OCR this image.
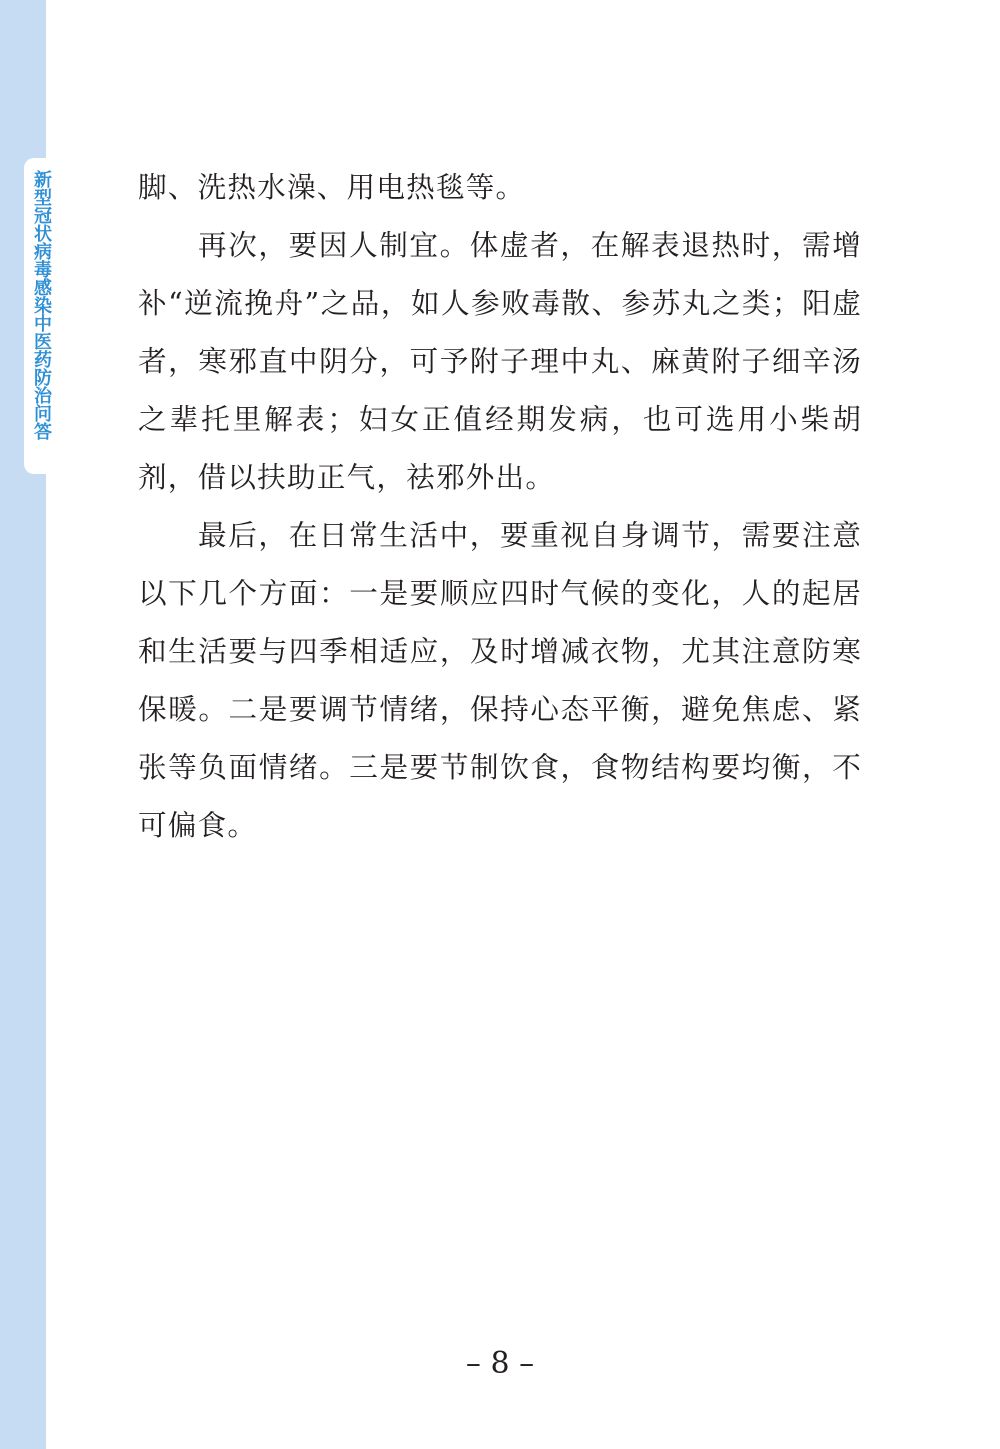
新型冠状病毒感染中医药防治问答	脚、洗热水澡、用电热毯等。

再次，要因人制宜。体虚者，在解表退热时，需增补“逆流挽舟”之品，如人参败毒散、参苏丸之类；阳虚者，寒邪直中阴分，可予附子理中丸、麻黄附子细辛汤之辈托里解表；妇女正值经期发病，也可选用小柴胡剂，借以扶助正气，祛邪外出。

最后，在日常生活中，要重视自身调节，需要注意以下几个方面：一是要顺应四时气候的变化，人的起居和生活要与四季相适应，及时增减衣物，尤其注意防寒保暖。二是要调节情绪，保持心态平衡，避免焦虑、紧张等负面情绪。三是要节制饮食，食物结构要均衡，不可偏食。

– 8 –
